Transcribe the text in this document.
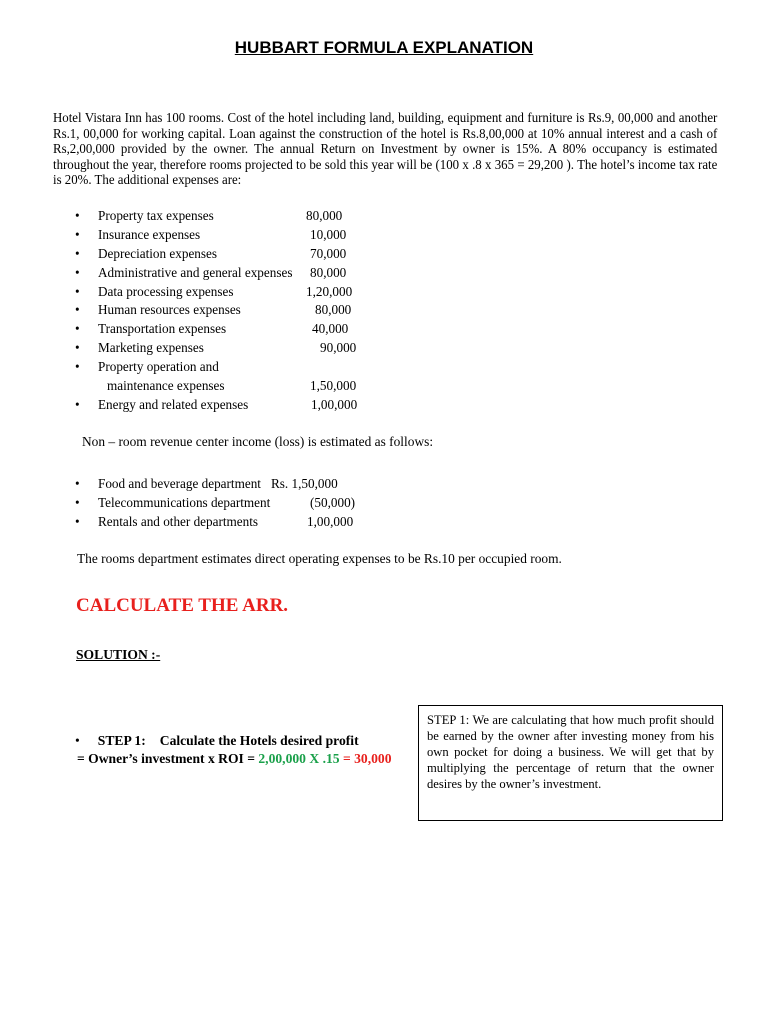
HUBBART FORMULA EXPLANATION
Hotel Vistara Inn has 100 rooms. Cost of the hotel including land, building, equipment and furniture is Rs.9, 00,000 and another Rs.1, 00,000 for working capital. Loan against the construction of the hotel is Rs.8,00,000 at 10% annual interest and a cash of Rs,2,00,000 provided by the owner. The annual Return on Investment by owner is 15%. A 80% occupancy is estimated throughout the year, therefore rooms projected to be sold this year will be (100 x .8 x 365 = 29,200 ). The hotel’s income tax rate is 20%. The additional expenses are:
• Property tax expenses	80,000
• Insurance expenses	10,000
• Depreciation expenses	70,000
• Administrative and general expenses 80,000
• Data processing expenses	1,20,000
• Human resources expenses	80,000
• Transportation expenses	40,000
• Marketing expenses	90,000
• Property operation and
maintenance expenses	1,50,000
• Energy and related expenses	1,00,000
Non – room revenue center income (loss) is estimated as follows:
• Food and beverage department Rs. 1,50,000
• Telecommunications department	(50,000)
• Rentals and other departments	1,00,000
The rooms department estimates direct operating expenses to be Rs.10 per occupied room.
CALCULATE THE ARR.
SOLUTION :-
• STEP 1: Calculate the Hotels desired profit
= Owner’s investment x ROI = 2,00,000 X .15 = 30,000
STEP 1: We are calculating that how much profit should be earned by the owner after investing money from his own pocket for doing a business. We will get that by multiplying the percentage of return that the owner desires by the owner’s investment.
